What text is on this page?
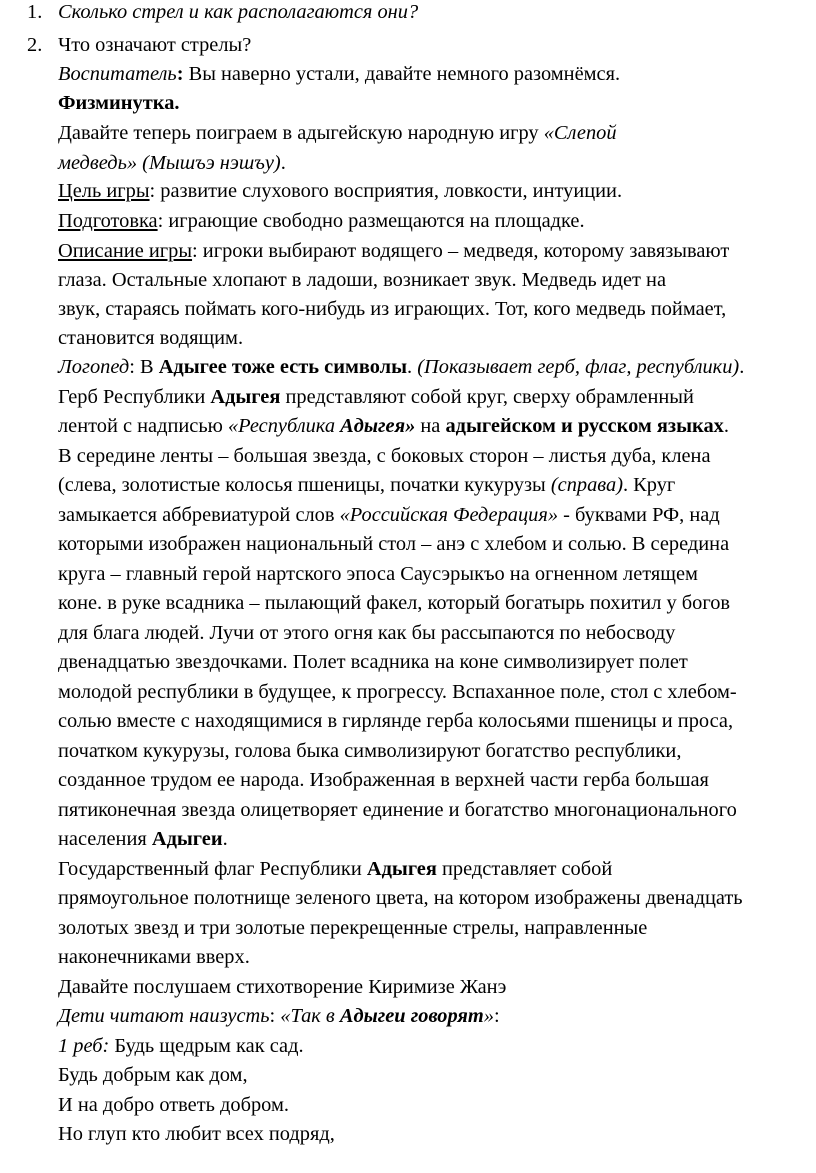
1. Сколько стрел и как располагаются они?
2. Что означают стрелы?
Воспитатель: Вы наверно устали, давайте немного разомнёмся.
Физминутка.
Давайте теперь поиграем в адыгейскую народную игру «Слепой
медведь» (Мышъэ нэшъу).
Цель игры: развитие слухового восприятия, ловкости, интуиции.
Подготовка: играющие свободно размещаются на площадке.
Описание игры: игроки выбирают водящего – медведя, которому завязывают
глаза. Остальные хлопают в ладоши, возникает звук. Медведь идет на
звук, стараясь поймать кого-нибудь из играющих. Тот, кого медведь поймает,
становится водящим.
Логопед: В Адыгее тоже есть символы. (Показывает герб, флаг, республики).
Герб Республики Адыгея представляют собой круг, сверху обрамленный
лентой с надписью «Республика Адыгея» на адыгейском и русском языках.
В середине ленты – большая звезда, с боковых сторон – листья дуба, клена
(слева, золотистые колосья пшеницы, початки кукурузы (справа). Круг
замыкается аббревиатурой слов «Российская Федерация» - буквами РФ, над
которыми изображен национальный стол – анэ с хлебом и солью. В середина
круга – главный герой нартского эпоса Саусэрыкъо на огненном летящем
коне. в руке всадника – пылающий факел, который богатырь похитил у богов
для блага людей. Лучи от этого огня как бы рассыпаются по небосводу
двенадцатью звездочками. Полет всадника на коне символизирует полет
молодой республики в будущее, к прогрессу. Вспаханное поле, стол с хлебом-
солью вместе с находящимися в гирлянде герба колосьями пшеницы и проса,
початком кукурузы, голова быка символизируют богатство республики,
созданное трудом ее народа. Изображенная в верхней части герба большая
пятиконечная звезда олицетворяет единение и богатство многонационального
населения Адыгеи.
Государственный флаг Республики Адыгея представляет собой
прямоугольное полотнище зеленого цвета, на котором изображены двенадцать
золотых звезд и три золотые перекрещенные стрелы, направленные
наконечниками вверх.
Давайте послушаем стихотворение Киримизе Жанэ
Дети читают наизусть: «Так в Адыгеи говорят»:
1 реб: Будь щедрым как сад.
Будь добрым как дом,
И на добро ответь добром.
Но глуп кто любит всех подряд,
